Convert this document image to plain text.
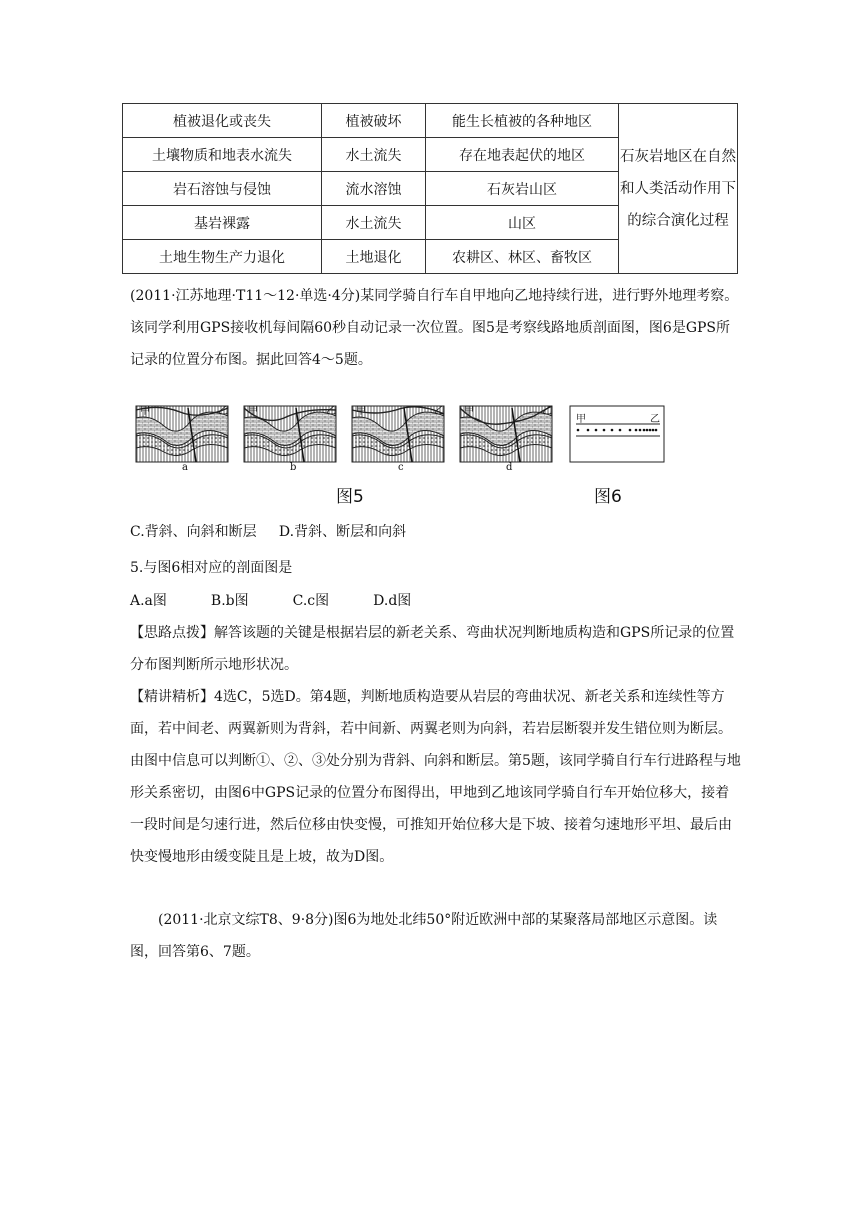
植被退化或丧失	植被破坏	能生长植被的各种地区	石灰岩地区在自然和人类活动作用下的综合演化过程
土壤物质和地表水流失	水土流失	存在地表起伏的地区	
岩石溶蚀与侵蚀	流水溶蚀	石灰岩山区	
基岩裸露	水土流失	山区	
土地生物生产力退化	土地退化	农耕区、林区、畜牧区	

(2011·江苏地理·T11～12·单选·4分)某同学骑自行车自甲地向乙地持续行进，进行野外地理考察。该同学利用GPS接收机每间隔60秒自动记录一次位置。图5是考察线路地质剖面图，图6是GPS所记录的位置分布图。据此回答4～5题。

甲	乙 甲	乙 甲	乙 甲	乙
甲	乙
a	b	c	d
图5	图6

C.背斜、向斜和断层     D.背斜、断层和向斜

5.与图6相对应的剖面图是

A.a图	B.b图	C.c图	D.d图

【思路点拨】解答该题的关键是根据岩层的新老关系、弯曲状况判断地质构造和GPS所记录的位置分布图判断所示地形状况。

【精讲精析】4选C，5选D。第4题，判断地质构造要从岩层的弯曲状况、新老关系和连续性等方面，若中间老、两翼新则为背斜，若中间新、两翼老则为向斜，若岩层断裂并发生错位则为断层。由图中信息可以判断①、②、③处分别为背斜、向斜和断层。第5题，该同学骑自行车行进路程与地形关系密切，由图6中GPS记录的位置分布图得出，甲地到乙地该同学骑自行车开始位移大，接着一段时间是匀速行进，然后位移由快变慢，可推知开始位移大是下坡、接着匀速地形平坦、最后由快变慢地形由缓变陡且是上坡，故为D图。

(2011·北京文综T8、9·8分)图6为地处北纬50°附近欧洲中部的某聚落局部地区示意图。读图，回答第6、7题。
